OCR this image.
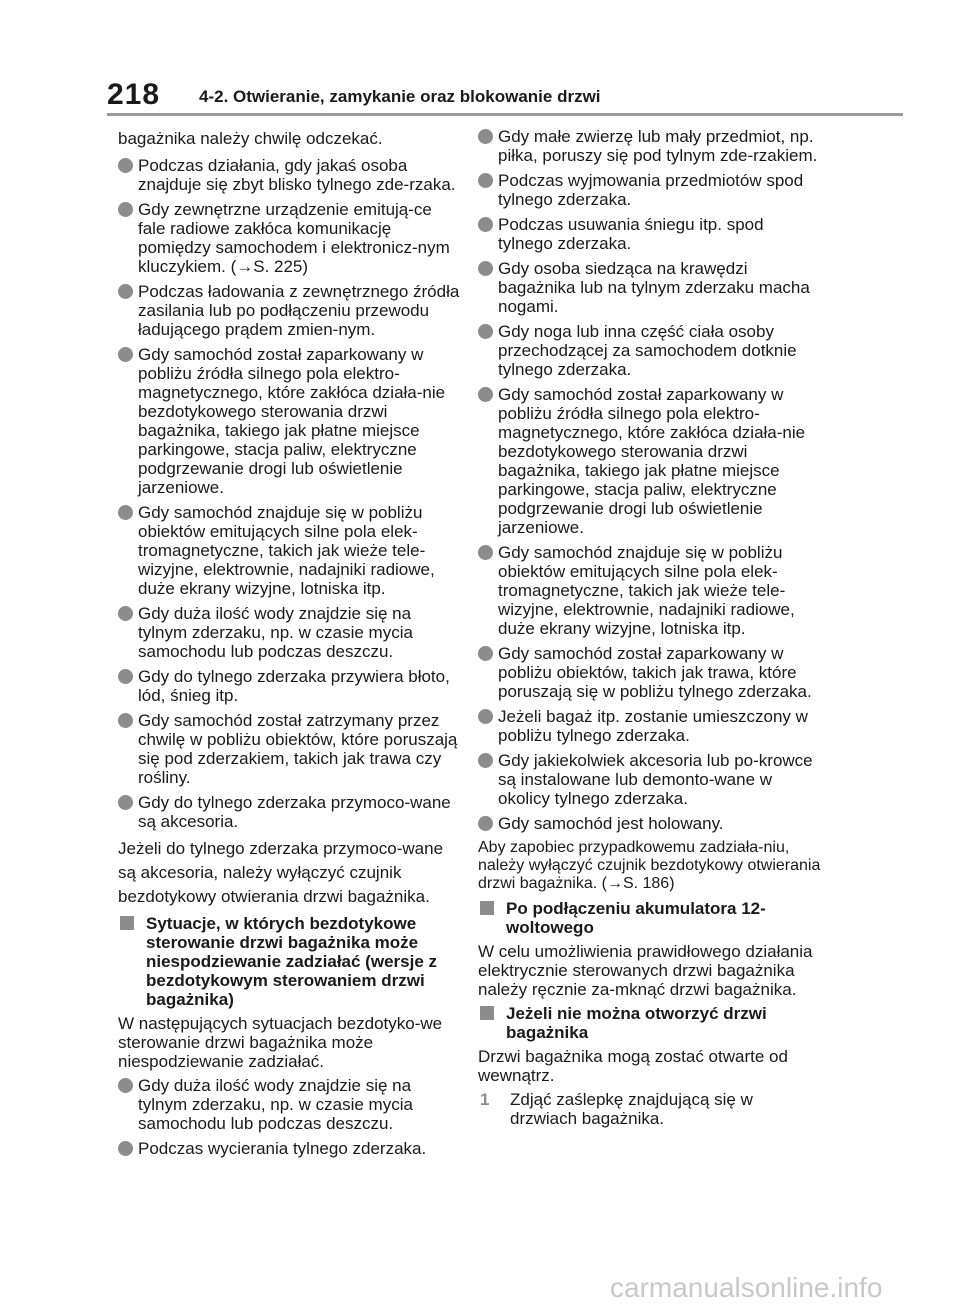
218 4-2. Otwieranie, zamykanie oraz blokowanie drzwi

bagażnika należy chwilę odczekać.

Podczas działania, gdy jakaś osoba znajduje się zbyt blisko tylnego zde-rzaka.
Gdy zewnętrzne urządzenie emitują-ce fale radiowe zakłóca komunikację pomiędzy samochodem i elektronicz-nym kluczykiem. (→S. 225)
Podczas ładowania z zewnętrznego źródła zasilania lub po podłączeniu przewodu ładującego prądem zmien-nym.
Gdy samochód został zaparkowany w pobliżu źródła silnego pola elektro-magnetycznego, które zakłóca działa-nie bezdotykowego sterowania drzwi bagażnika, takiego jak płatne miejsce parkingowe, stacja paliw, elektryczne podgrzewanie drogi lub oświetlenie jarzeniowe.
Gdy samochód znajduje się w pobliżu obiektów emitujących silne pola elek-tromagnetyczne, takich jak wieże tele-wizyjne, elektrownie, nadajniki radiowe, duże ekrany wizyjne, lotniska itp.
Gdy duża ilość wody znajdzie się na tylnym zderzaku, np. w czasie mycia samochodu lub podczas deszczu.
Gdy do tylnego zderzaka przywiera błoto, lód, śnieg itp.
Gdy samochód został zatrzymany przez chwilę w pobliżu obiektów, które poruszają się pod zderzakiem, takich jak trawa czy rośliny.
Gdy do tylnego zderzaka przymoco-wane są akcesoria.

Jeżeli do tylnego zderzaka przymoco-wane są akcesoria, należy wyłączyć czujnik bezdotykowy otwierania drzwi bagażnika.

Sytuacje, w których bezdotykowe sterowanie drzwi bagażnika może niespodziewanie zadziałać (wersje z bezdotykowym sterowaniem drzwi bagażnika)

W następujących sytuacjach bezdotyko-we sterowanie drzwi bagażnika może niespodziewanie zadziałać.

Gdy duża ilość wody znajdzie się na tylnym zderzaku, np. w czasie mycia samochodu lub podczas deszczu.
Podczas wycierania tylnego zderzaka.
Gdy małe zwierzę lub mały przedmiot, np. piłka, poruszy się pod tylnym zde-rzakiem.
Podczas wyjmowania przedmiotów spod tylnego zderzaka.
Podczas usuwania śniegu itp. spod tylnego zderzaka.
Gdy osoba siedząca na krawędzi bagażnika lub na tylnym zderzaku macha nogami.
Gdy noga lub inna część ciała osoby przechodzącej za samochodem dotknie tylnego zderzaka.
Gdy samochód został zaparkowany w pobliżu źródła silnego pola elektro-magnetycznego, które zakłóca działa-nie bezdotykowego sterowania drzwi bagażnika, takiego jak płatne miejsce parkingowe, stacja paliw, elektryczne podgrzewanie drogi lub oświetlenie jarzeniowe.
Gdy samochód znajduje się w pobliżu obiektów emitujących silne pola elek-tromagnetyczne, takich jak wieże tele-wizyjne, elektrownie, nadajniki radiowe, duże ekrany wizyjne, lotniska itp.
Gdy samochód został zaparkowany w pobliżu obiektów, takich jak trawa, które poruszają się w pobliżu tylnego zderzaka.
Jeżeli bagaż itp. zostanie umieszczony w pobliżu tylnego zderzaka.
Gdy jakiekolwiek akcesoria lub po-krowce są instalowane lub demonto-wane w okolicy tylnego zderzaka.
Gdy samochód jest holowany.

Aby zapobiec przypadkowemu zadziała-niu, należy wyłączyć czujnik bezdotykowy otwierania drzwi bagażnika. (→S. 186)

Po podłączeniu akumulatora 12-woltowego

W celu umożliwienia prawidłowego działania elektrycznie sterowanych drzwi bagażnika należy ręcznie za-mknąć drzwi bagażnika.

Jeżeli nie można otworzyć drzwi bagażnika

Drzwi bagażnika mogą zostać otwarte od wewnątrz.

1 Zdjąć zaślepkę znajdującą się w drzwiach bagażnika.
carmanualsonline.info
